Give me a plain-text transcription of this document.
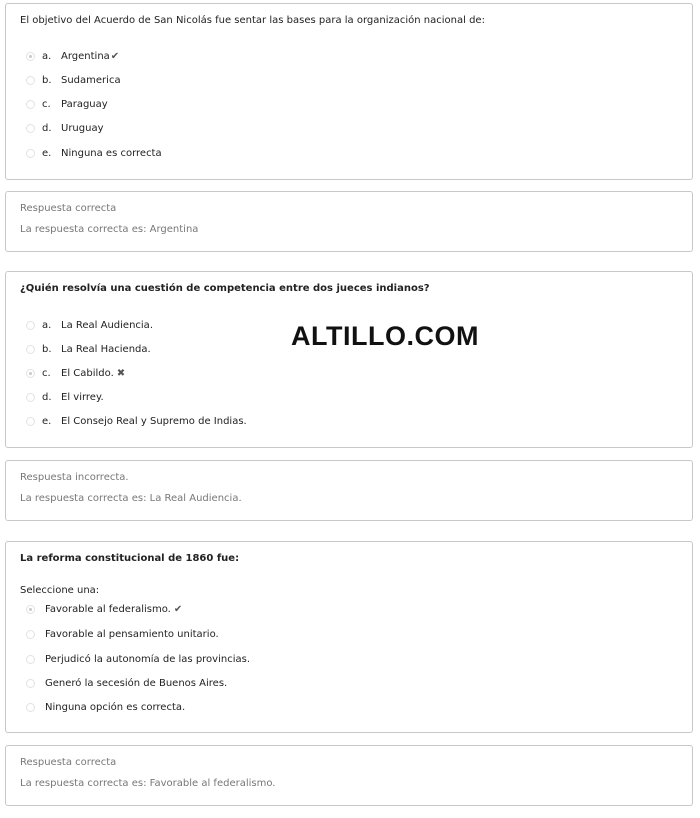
El objetivo del Acuerdo de San Nicolás fue sentar las bases para la organización nacional de:
a. Argentina ✔
b. Sudamerica
c.	Paraguay
d. Uruguay
e. Ninguna es correcta
Respuesta correcta
La respuesta correcta es: Argentina
¿Quién resolvía una cuestión de competencia entre dos jueces indianos?
a. La Real Audiencia.
b. La Real Hacienda.
c.	El Cabildo. ✖
d. El virrey.
e. El Consejo Real y Supremo de Indias.
ALTILLO.COM
Respuesta incorrecta.
La respuesta correcta es: La Real Audiencia.
La reforma constitucional de 1860 fue:
Seleccione una:
Favorable al federalismo. ✔
Favorable al pensamiento unitario.
Perjudicó la autonomía de las provincias.
Generó la secesión de Buenos Aires.
Ninguna opción es correcta.
Respuesta correcta
La respuesta correcta es: Favorable al federalismo.
